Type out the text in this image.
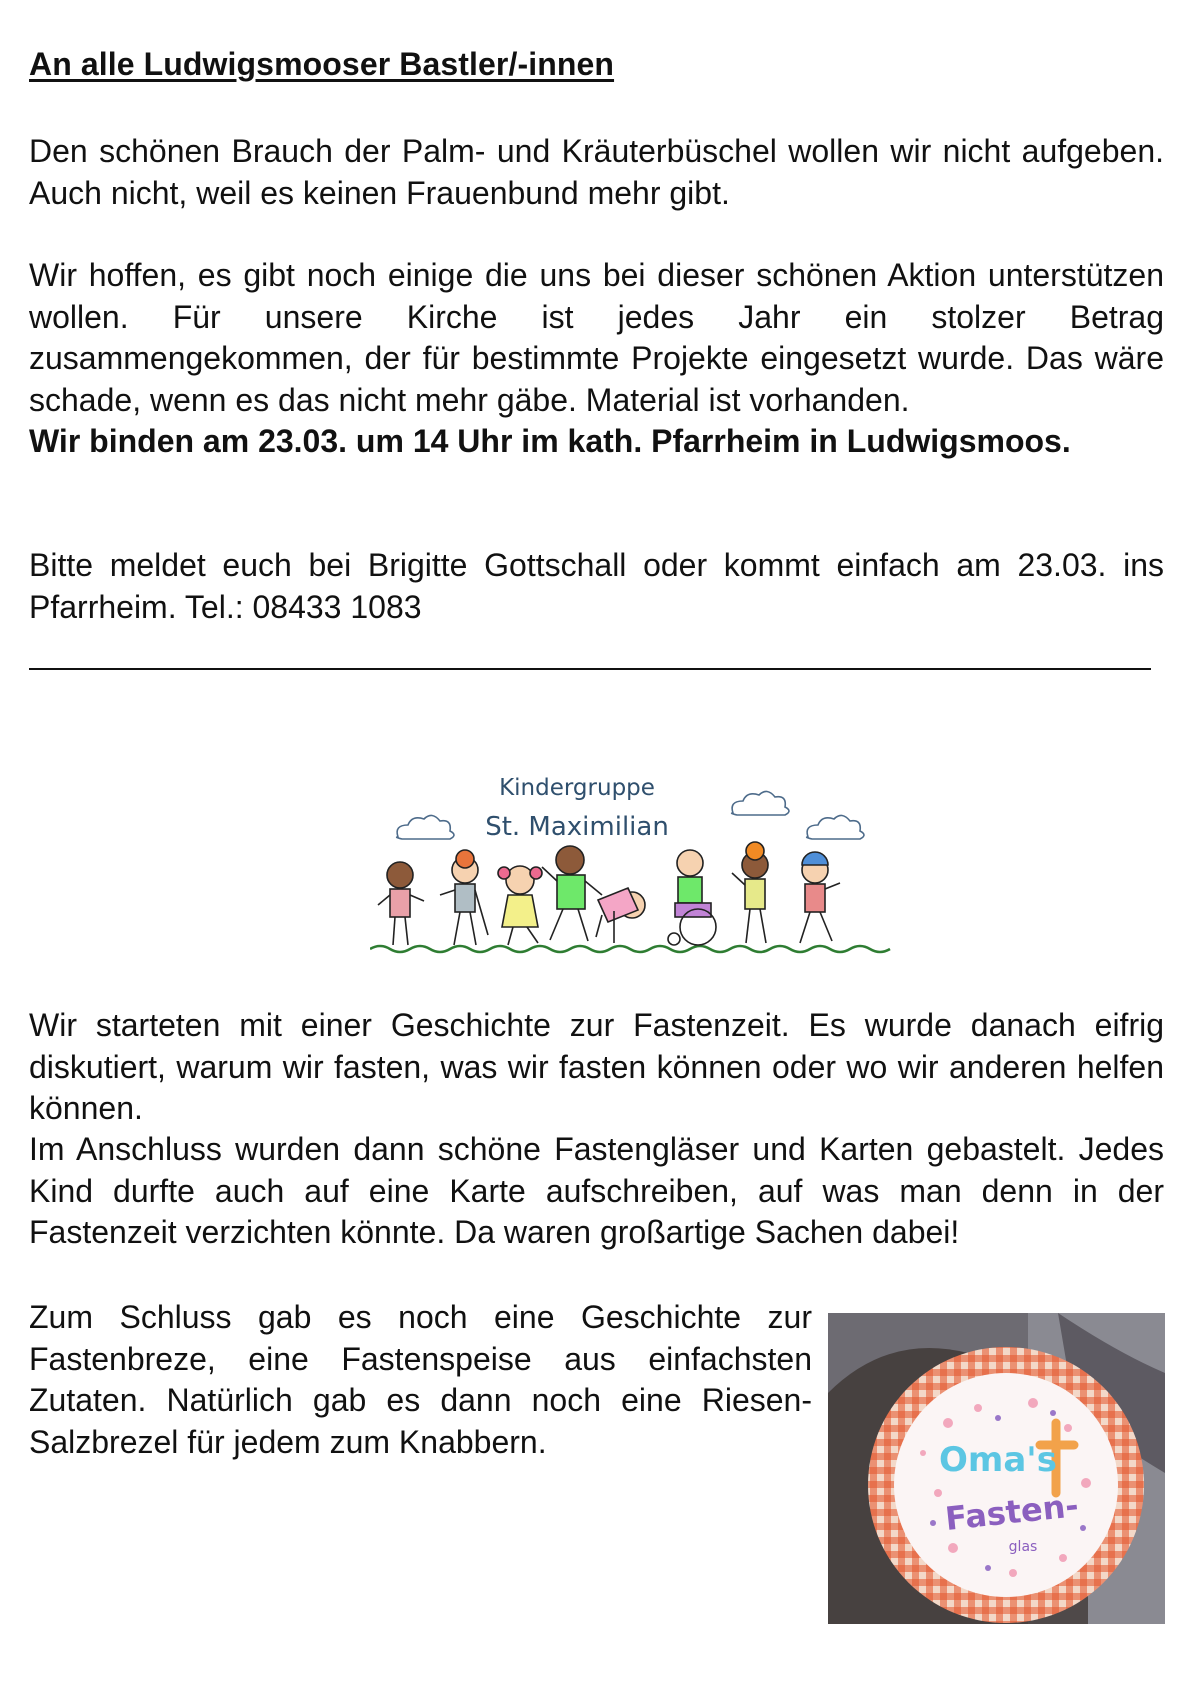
An alle Ludwigsmooser Bastler/-innen

Den schönen Brauch der Palm- und Kräuterbüschel wollen wir nicht aufgeben. Auch nicht, weil es keinen Frauenbund mehr gibt.

Wir hoffen, es gibt noch einige die uns bei dieser schönen Aktion unterstützen wollen. Für unsere Kirche ist jedes Jahr ein stolzer Betrag zusammengekommen, der für bestimmte Projekte eingesetzt wurde. Das wäre schade, wenn es das nicht mehr gäbe. Material ist vorhanden.

Wir binden am 23.03. um 14 Uhr im kath. Pfarrheim in Ludwigsmoos.

Bitte meldet euch bei Brigitte Gottschall oder kommt einfach am 23.03. ins Pfarrheim. Tel.: 08433 1083

Kindergruppe
St. Maximilian

Wir starteten mit einer Geschichte zur Fastenzeit. Es wurde danach eifrig diskutiert, warum wir fasten, was wir fasten können oder wo wir anderen helfen können.

Im Anschluss wurden dann schöne Fastengläser und Karten gebastelt. Jedes Kind durfte auch auf eine Karte aufschreiben, auf was man denn in der Fastenzeit verzichten könnte. Da waren großartige Sachen dabei!

Zum Schluss gab es noch eine Geschichte zur Fastenbreze, eine Fastenspeise aus einfachsten Zutaten. Natürlich gab es dann noch eine Riesen-Salzbrezel für jedem zum Knabbern.	Oma's
Fasten-
glas
